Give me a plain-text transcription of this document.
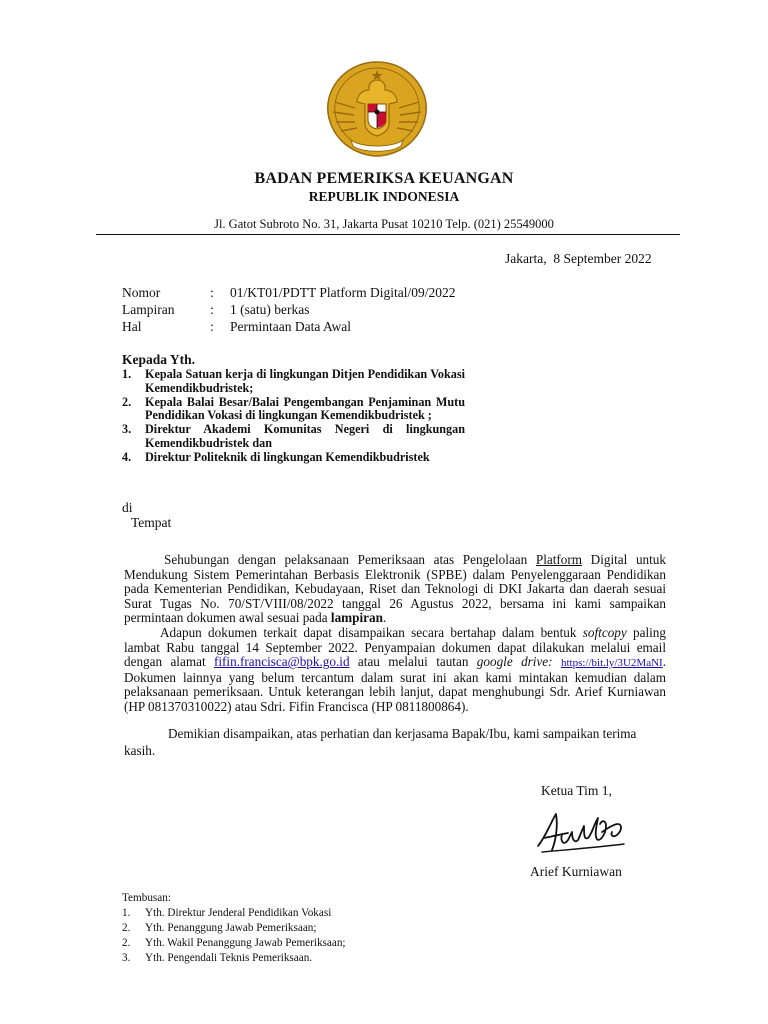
BADAN PEMERIKSA KEUANGAN
REPUBLIK INDONESIA
Jl. Gatot Subroto No. 31, Jakarta Pusat 10210 Telp. (021) 25549000
Jakarta,  8 September 2022
Nomor	: 01/KT01/PDTT Platform Digital/09/2022
Lampiran	: 1 (satu) berkas
Hal	: Permintaan Data Awal
Kepada Yth.
1. Kepala Satuan kerja di lingkungan Ditjen Pendidikan Vokasi Kemendikbudristek;
2. Kepala Balai Besar/Balai Pengembangan Penjaminan Mutu Pendidikan Vokasi di lingkungan Kemendikbudristek ;
3. Direktur Akademi Komunitas Negeri di lingkungan Kemendikbudristek dan
4. Direktur Politeknik di lingkungan Kemendikbudristek
di
Tempat

Sehubungan dengan pelaksanaan Pemeriksaan atas Pengelolaan Platform Digital untuk Mendukung Sistem Pemerintahan Berbasis Elektronik (SPBE) dalam Penyelenggaraan Pendidikan pada Kementerian Pendidikan, Kebudayaan, Riset dan Teknologi di DKI Jakarta dan daerah sesuai Surat Tugas No. 70/ST/VIII/08/2022 tanggal 26 Agustus 2022, bersama ini kami sampaikan permintaan dokumen awal sesuai pada lampiran.

Adapun dokumen terkait dapat disampaikan secara bertahap dalam bentuk softcopy paling lambat Rabu tanggal 14 September 2022. Penyampaian dokumen dapat dilakukan melalui email dengan alamat fifin.francisca@bpk.go.id atau melalui tautan google drive: https://bit.ly/3U2MaNI. Dokumen lainnya yang belum tercantum dalam surat ini akan kami mintakan kemudian dalam pelaksanaan pemeriksaan. Untuk keterangan lebih lanjut, dapat menghubungi Sdr. Arief Kurniawan (HP 081370310022) atau Sdri. Fifin Francisca (HP 0811800864).

Demikian disampaikan, atas perhatian dan kerjasama Bapak/Ibu, kami sampaikan terima kasih.

Ketua Tim 1,
Arief Kurniawan
Tembusan:
1. Yth. Direktur Jenderal Pendidikan Vokasi
2. Yth. Penanggung Jawab Pemeriksaan;
2. Yth. Wakil Penanggung Jawab Pemeriksaan;
3. Yth. Pengendali Teknis Pemeriksaan.
